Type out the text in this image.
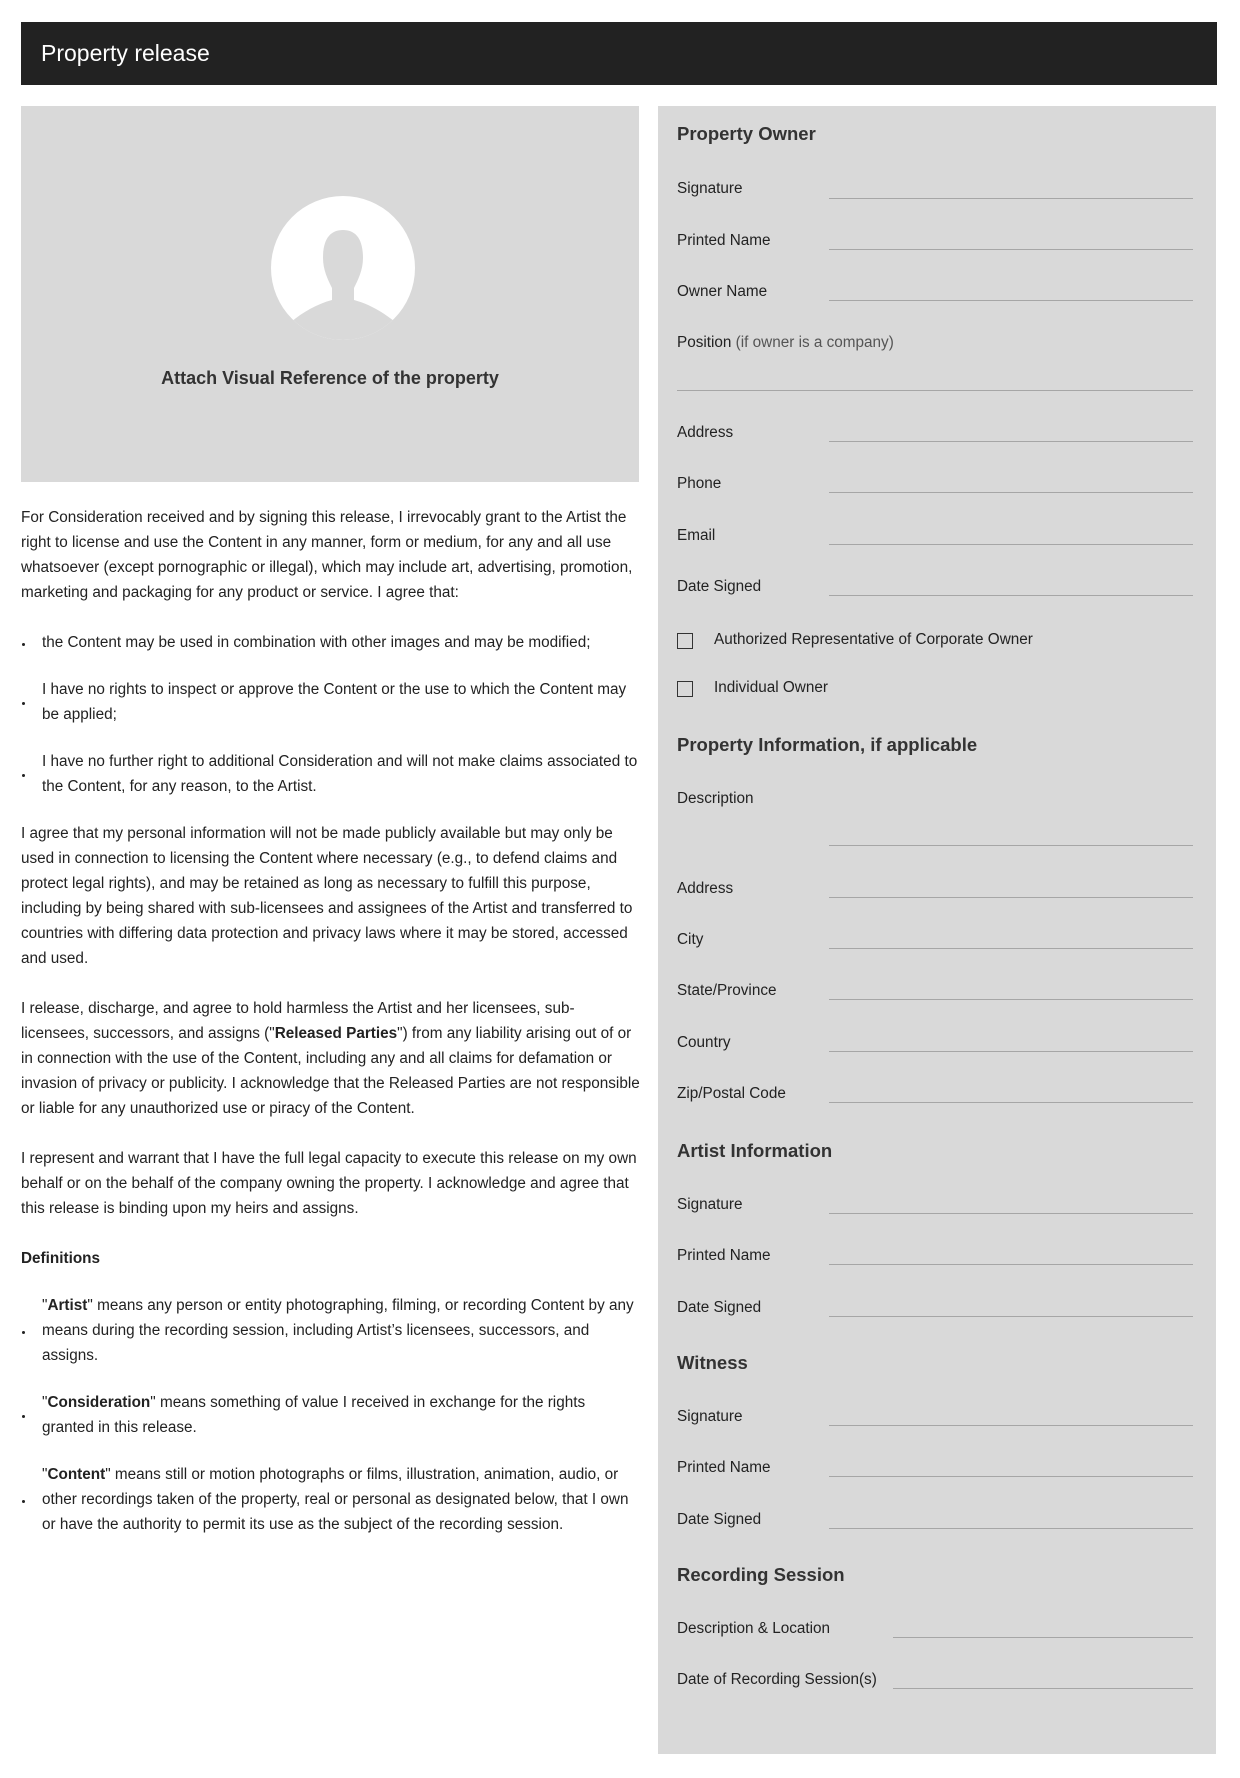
Property release
Attach Visual Reference of the property

For Consideration received and by signing this release, I irrevocably grant to the Artist the right to license and use the Content in any manner, form or medium, for any and all use whatsoever (except pornographic or illegal), which may include art, advertising, promotion, marketing and packaging for any product or service. I agree that:

the Content may be used in combination with other images and may be modified;
I have no rights to inspect or approve the Content or the use to which the Content may be applied;
I have no further right to additional Consideration and will not make claims associated to the Content, for any reason, to the Artist.

I agree that my personal information will not be made publicly available but may only be used in connection to licensing the Content where necessary (e.g., to defend claims and protect legal rights), and may be retained as long as necessary to fulfill this purpose, including by being shared with sub-licensees and assignees of the Artist and transferred to countries with differing data protection and privacy laws where it may be stored, accessed and used.

I release, discharge, and agree to hold harmless the Artist and her licensees, sub-licensees, successors, and assigns ("Released Parties") from any liability arising out of or in connection with the use of the Content, including any and all claims for defamation or invasion of privacy or publicity. I acknowledge that the Released Parties are not responsible or liable for any unauthorized use or piracy of the Content.

I represent and warrant that I have the full legal capacity to execute this release on my own behalf or on the behalf of the company owning the property. I acknowledge and agree that this release is binding upon my heirs and assigns.

Definitions
"Artist" means any person or entity photographing, filming, or recording Content by any means during the recording session, including Artist’s licensees, successors, and assigns.
"Consideration" means something of value I received in exchange for the rights granted in this release.
"Content" means still or motion photographs or films, illustration, animation, audio, or other recordings taken of the property, real or personal as designated below, that I own or have the authority to permit its use as the subject of the recording session.
Property Owner
Signature
Printed Name
Owner Name
Position (if owner is a company)
Address
Phone
Email
Date Signed
Authorized Representative of Corporate Owner
Individual Owner
Property Information, if applicable
Description
Address
City
State/Province
Country
Zip/Postal Code
Artist Information
Signature
Printed Name
Date Signed
Witness
Signature
Printed Name
Date Signed
Recording Session
Description & Location
Date of Recording Session(s)
